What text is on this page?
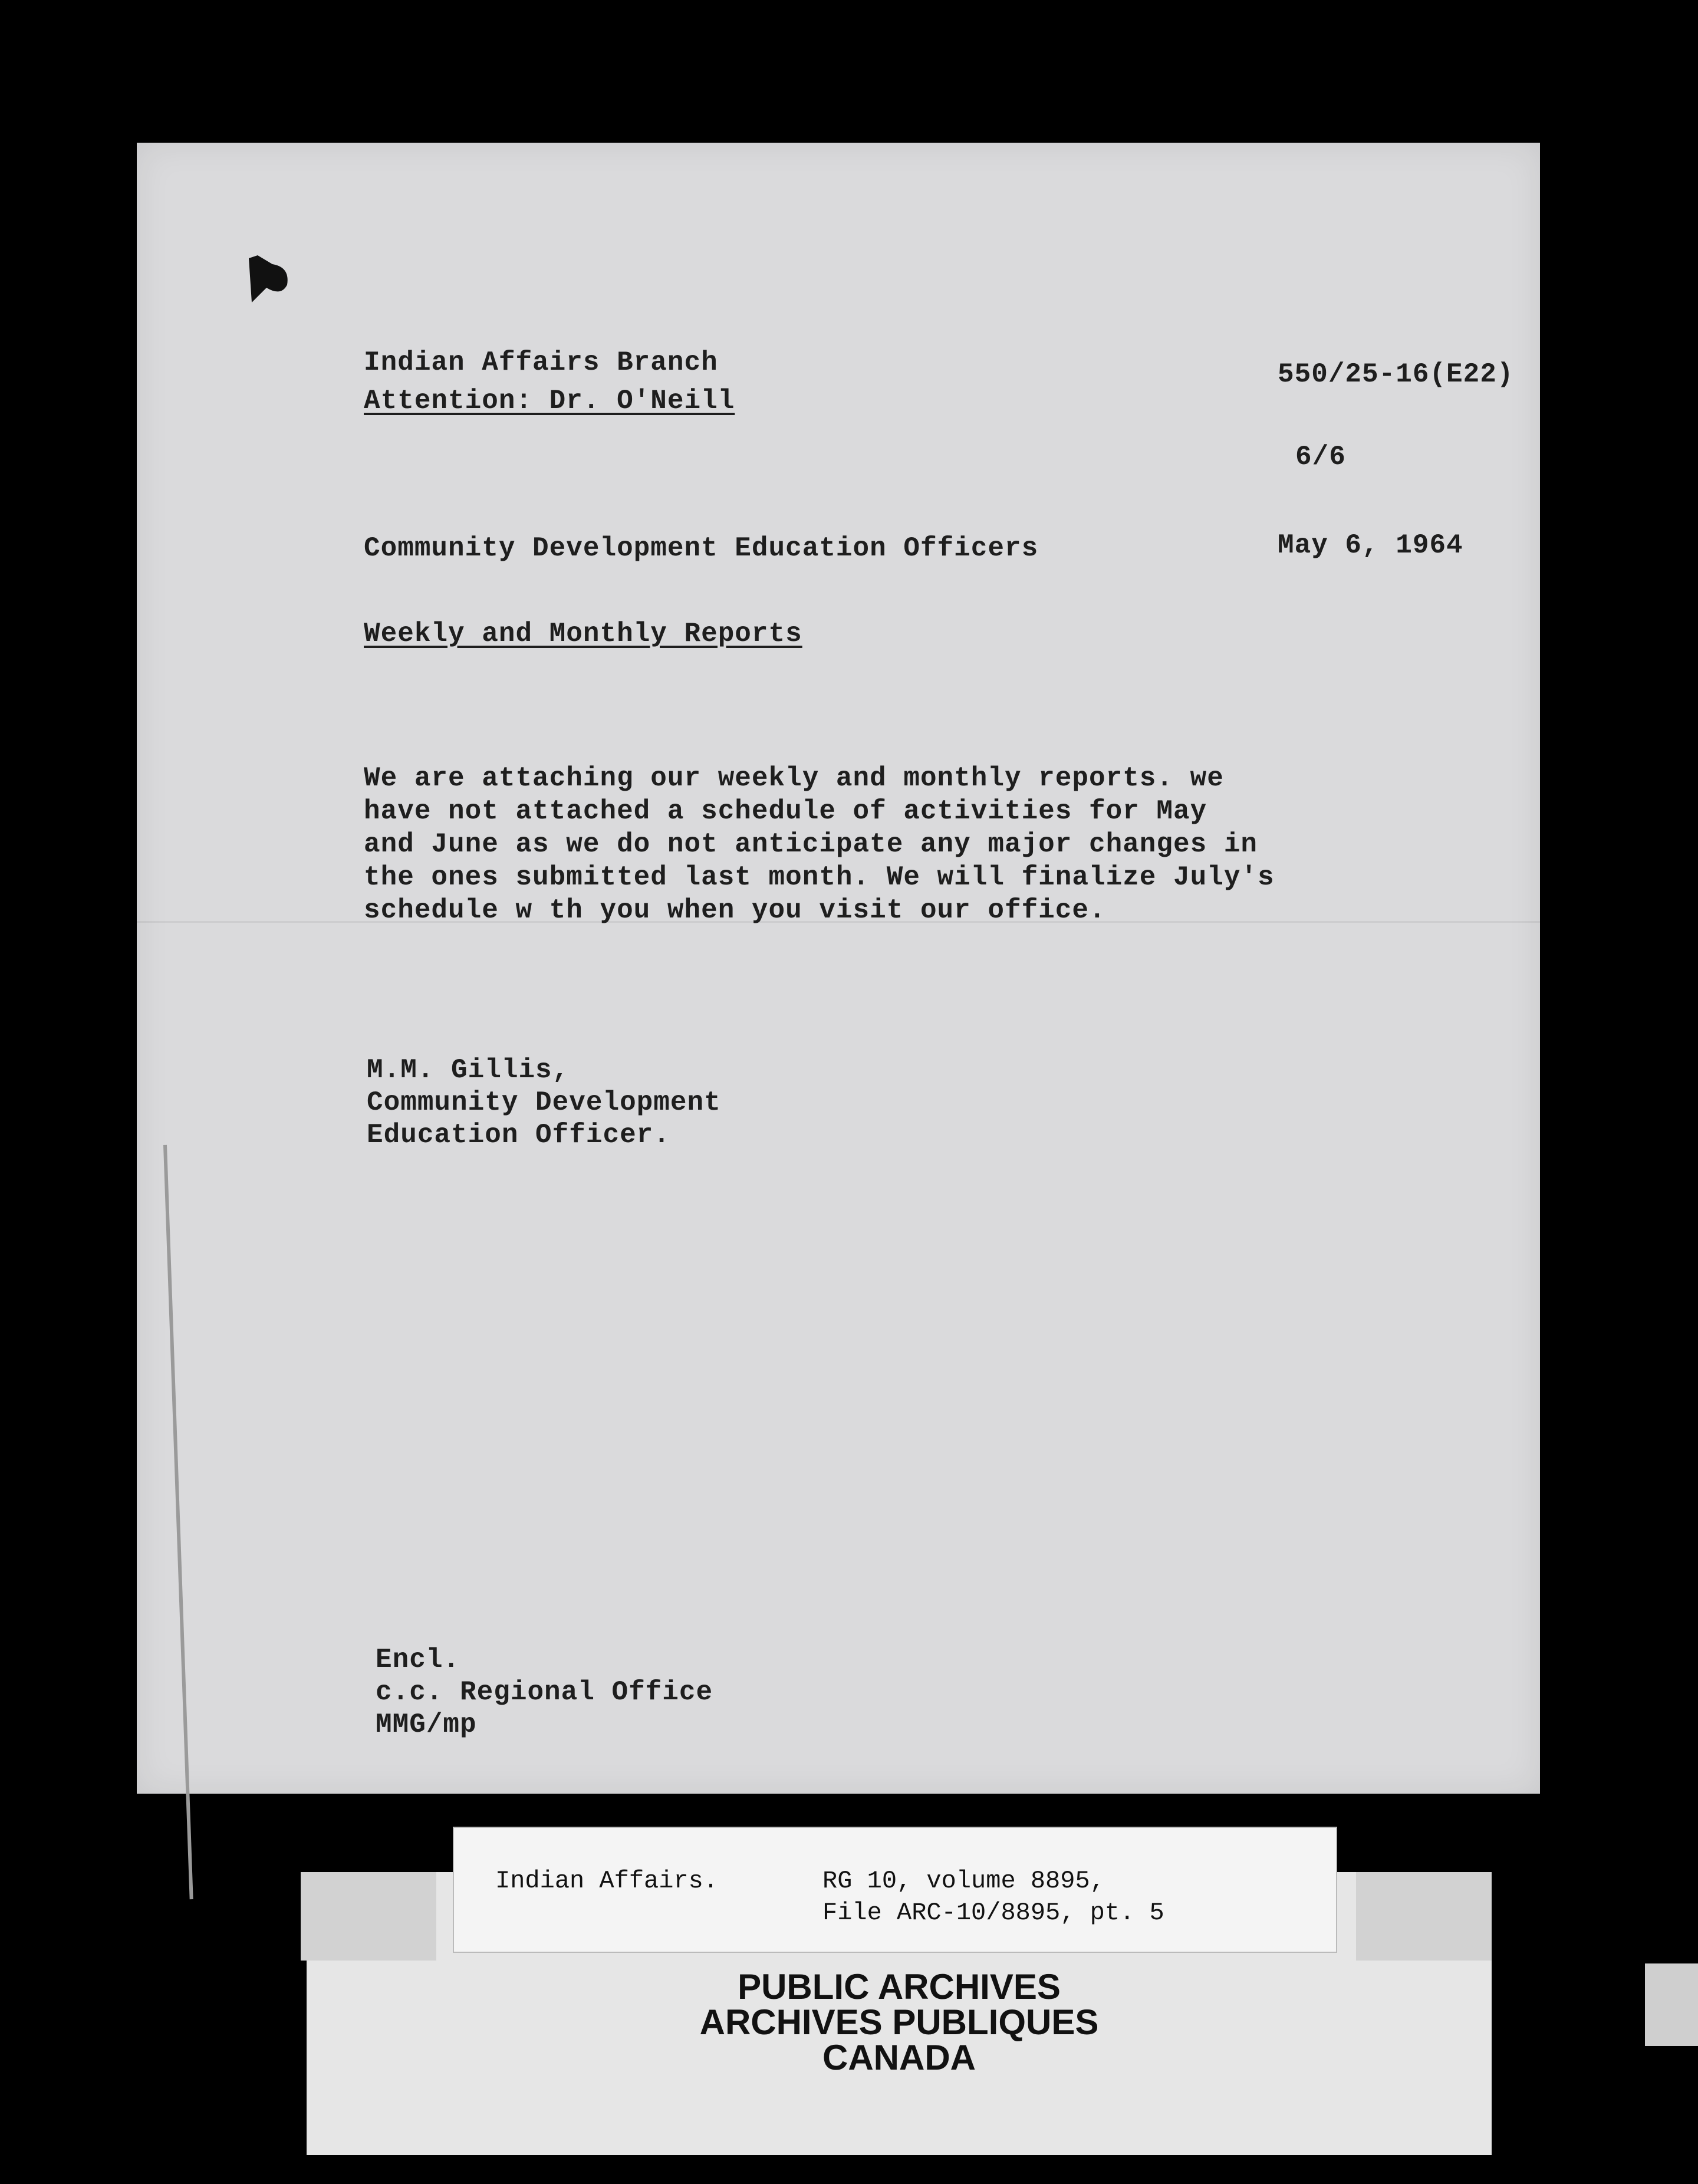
Indian Affairs Branch
Attention: Dr. O'Neill
550/25-16(E22)
6/6
Community Development Education Officers	May 6, 1964
Weekly and Monthly Reports
We are attaching our weekly and monthly reports. we
have not attached a schedule of activities for May
and June as we do not anticipate any major changes in
the ones submitted last month. We will finalize July's
schedule w th you when you visit our office.
M.M. Gillis,
Community Development
Education Officer.
Encl.
c.c. Regional Office
MMG/mp
PUBLIC ARCHIVES
ARCHIVES PUBLIQUES
CANADA
Indian Affairs.	RG 10, volume 8895,
File ARC-10/8895, pt. 5
